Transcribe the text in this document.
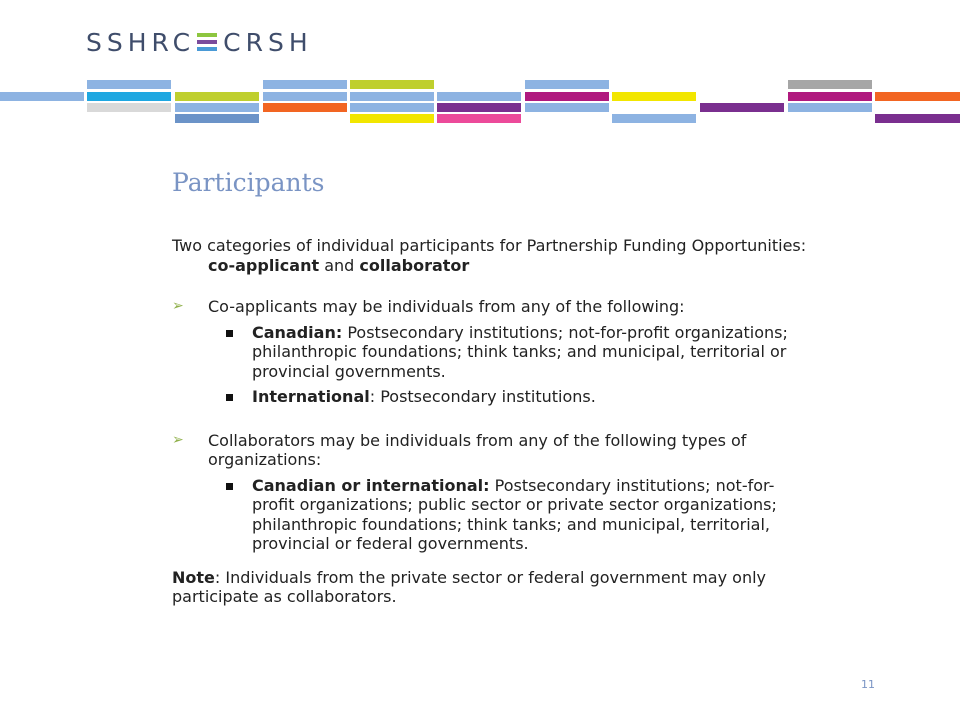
SSHRC CRSH
Participants

Two categories of individual participants for Partnership Funding Opportunities: co-applicant and collaborator

➢ Co-applicants may be individuals from any of the following:
Canadian: Postsecondary institutions; not-for-profit organizations; philanthropic foundations; think tanks; and municipal, territorial or provincial governments.
International: Postsecondary institutions.
➢ Collaborators may be individuals from any of the following types of organizations:
Canadian or international: Postsecondary institutions; not-for-profit organizations; public sector or private sector organizations; philanthropic foundations; think tanks; and municipal, territorial, provincial or federal governments.

Note: Individuals from the private sector or federal government may only participate as collaborators.

11
